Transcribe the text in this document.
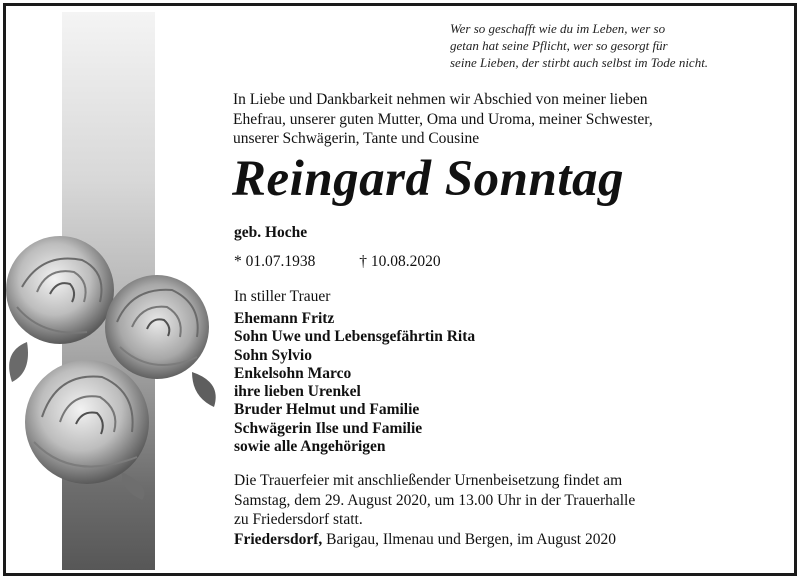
Wer so geschafft wie du im Leben, wer so
getan hat seine Pflicht, wer so gesorgt für
seine Lieben, der stirbt auch selbst im Tode nicht.
In Liebe und Dankbarkeit nehmen wir Abschied von meiner lieben
Ehefrau, unserer guten Mutter, Oma und Uroma, meiner Schwester,
unserer Schwägerin, Tante und Cousine
Reingard Sonntag
geb. Hoche
* 01.07.1938	† 10.08.2020
In stiller Trauer
Ehemann Fritz
Sohn Uwe und Lebensgefährtin Rita
Sohn Sylvio
Enkelsohn Marco
ihre lieben Urenkel
Bruder Helmut und Familie
Schwägerin Ilse und Familie
sowie alle Angehörigen
Die Trauerfeier mit anschließender Urnenbeisetzung findet am
Samstag, dem 29. August 2020, um 13.00 Uhr in der Trauerhalle
zu Friedersdorf statt.
Friedersdorf, Barigau, Ilmenau und Bergen, im August 2020
